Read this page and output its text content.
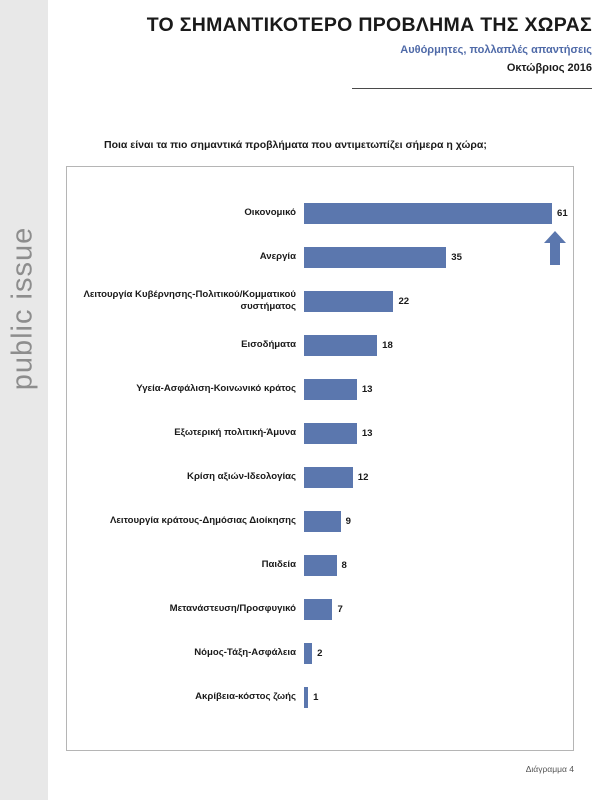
public issue
ΤΟ ΣΗΜΑΝΤΙΚΟΤΕΡΟ ΠΡΟΒΛΗΜΑ ΤΗΣ ΧΩΡΑΣ
Αυθόρμητες, πολλαπλές απαντήσεις
Οκτώβριος 2016
Ποια είναι τα πιο σημαντικά προβλήματα που αντιμετωπίζει σήμερα η χώρα;
Οικονομικό	61
Ανεργία	35
Λειτουργία Κυβέρνησης-Πολιτικού/Κομματικού συστήματος	22
Εισοδήματα	18
Υγεία-Ασφάλιση-Κοινωνικό κράτος	13
Εξωτερική πολιτική-Άμυνα	13
Κρίση αξιών-Ιδεολογίας	12
Λειτουργία κράτους-Δημόσιας Διοίκησης	9
Παιδεία	8
Μετανάστευση/Προσφυγικό	7
Νόμος-Τάξη-Ασφάλεια	2
Ακρίβεια-κόστος ζωής	1
Διάγραμμα 4
